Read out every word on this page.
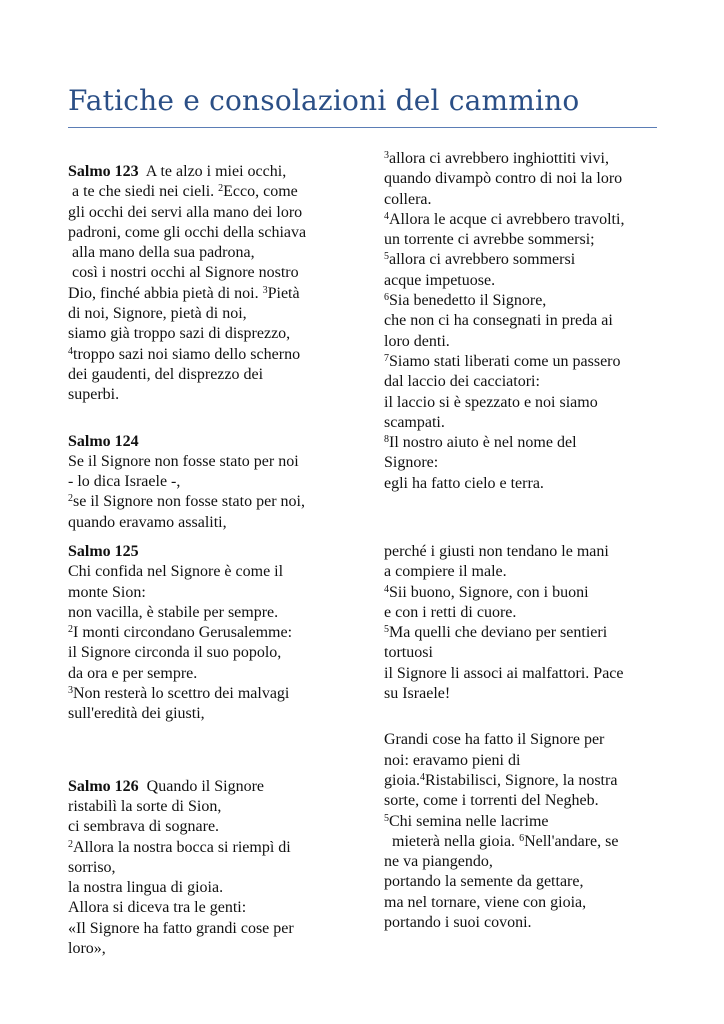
Fatiche e consolazioni del cammino
Salmo 123 A te alzo i miei occhi,
a te che siedi nei cieli. $^2$Ecco, come
gli occhi dei servi alla mano dei loro
padroni, come gli occhi della schiava
alla mano della sua padrona,
così i nostri occhi al Signore nostro
Dio, finché abbia pietà di noi. $^3$Pietà
di noi, Signore, pietà di noi,
siamo già troppo sazi di disprezzo,
$^4$troppo sazi noi siamo dello scherno
dei gaudenti, del disprezzo dei
superbi.
Salmo 124
Se il Signore non fosse stato per noi
- lo dica Israele -,
$^2$se il Signore non fosse stato per noi,
quando eravamo assaliti,
$^3$allora ci avrebbero inghiottiti vivi,
quando divampò contro di noi la loro
collera.
$^4$Allora le acque ci avrebbero travolti,
un torrente ci avrebbe sommersi;
$^5$allora ci avrebbero sommersi
acque impetuose.
$^6$Sia benedetto il Signore,
che non ci ha consegnati in preda ai
loro denti.
$^7$Siamo stati liberati come un passero
dal laccio dei cacciatori:
il laccio si è spezzato e noi siamo
scampati.
$^8$Il nostro aiuto è nel nome del
Signore:
egli ha fatto cielo e terra.
Salmo 125
Chi confida nel Signore è come il
monte Sion:
non vacilla, è stabile per sempre.
$^2$I monti circondano Gerusalemme:
il Signore circonda il suo popolo,
da ora e per sempre.
$^3$Non resterà lo scettro dei malvagi
sull'eredità dei giusti,
Salmo 126 Quando il Signore
ristabilì la sorte di Sion,
ci sembrava di sognare.
$^2$Allora la nostra bocca si riempì di
sorriso,
la nostra lingua di gioia.
Allora si diceva tra le genti:
«Il Signore ha fatto grandi cose per
loro»,
perché i giusti non tendano le mani
a compiere il male.
$^4$Sii buono, Signore, con i buoni
e con i retti di cuore.
$^5$Ma quelli che deviano per sentieri
tortuosi
il Signore li associ ai malfattori. Pace
su Israele!
Grandi cose ha fatto il Signore per
noi: eravamo pieni di
gioia.$^4$Ristabilisci, Signore, la nostra
sorte, come i torrenti del Negheb.
$^5$Chi semina nelle lacrime
mieterà nella gioia. $^6$Nell'andare, se
ne va piangendo,
portando la semente da gettare,
ma nel tornare, viene con gioia,
portando i suoi covoni.
